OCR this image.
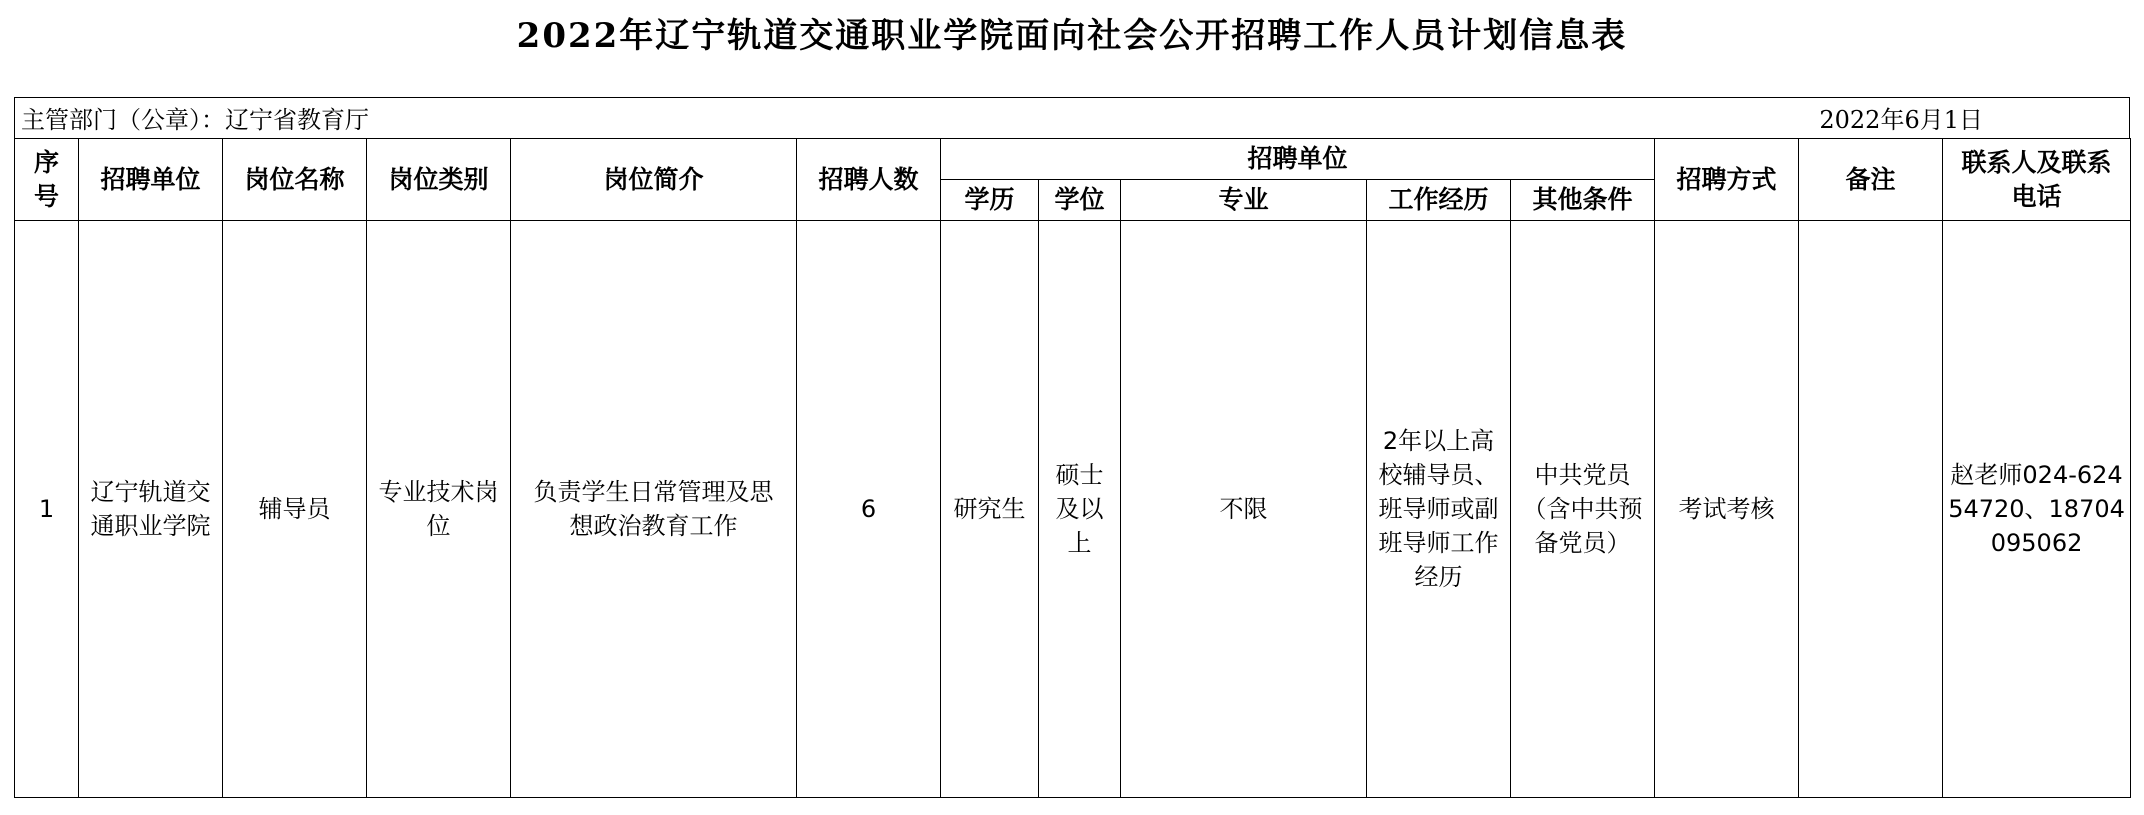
2022年辽宁轨道交通职业学院面向社会公开招聘工作人员计划信息表
主管部门（公章）：辽宁省教育厅	2022年6月1日
序号	招聘单位	岗位名称	岗位类别	岗位简介	招聘人数	招聘单位					招聘方式	备注	联系人及联系电话
						学历	学位	专业	工作经历	其他条件			
1	辽宁轨道交通职业学院	辅导员	专业技术岗位	负责学生日常管理及思想政治教育工作	6	研究生	硕士及以上	不限	2年以上高校辅导员、班导师或副班导师工作经历	中共党员（含中共预备党员）	考试考核		赵老师024-62454720、18704095062
